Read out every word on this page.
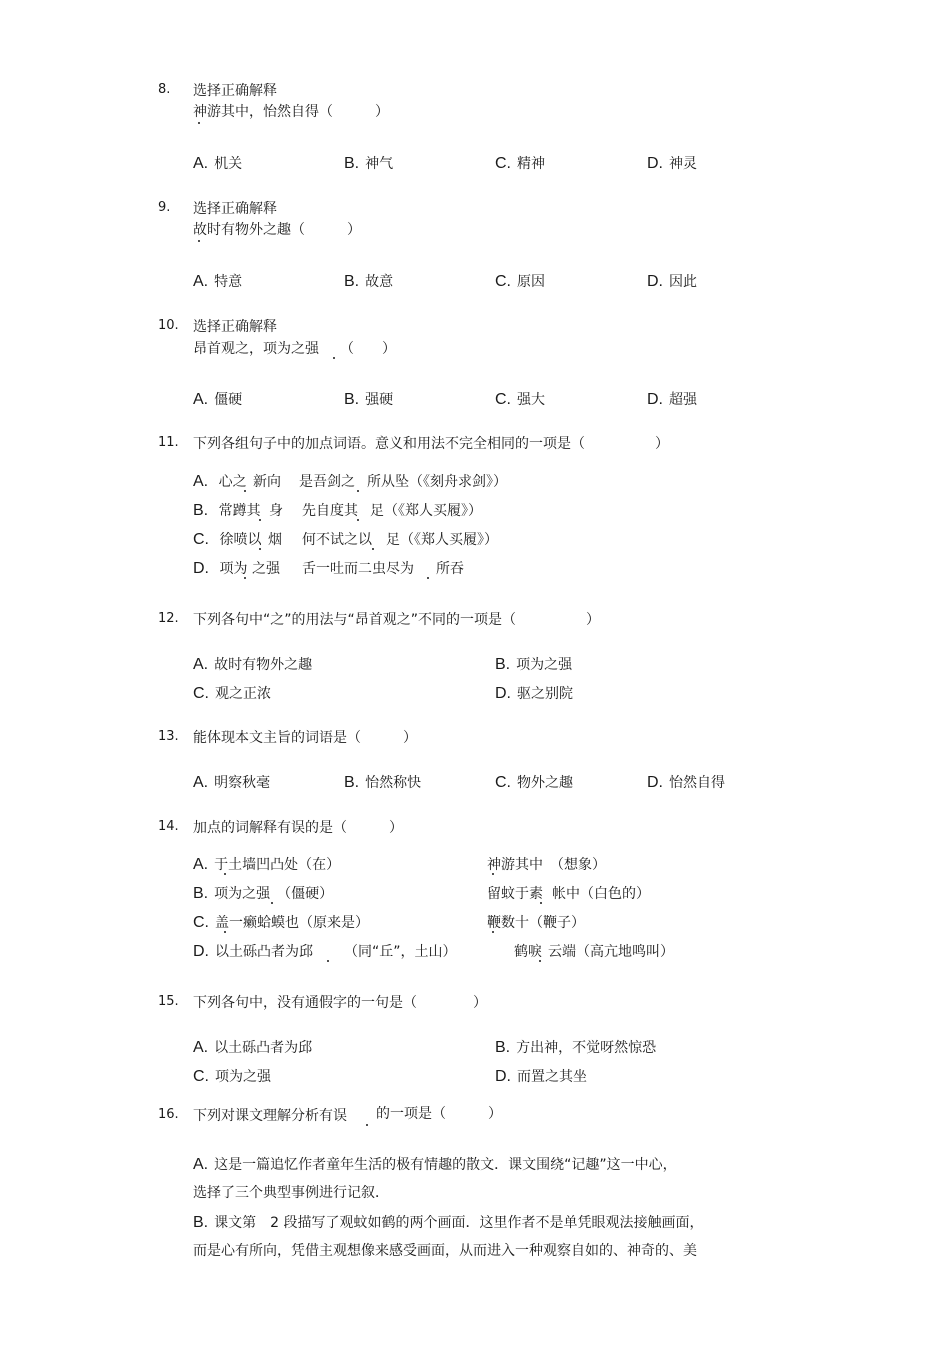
8. 选择正确解释
神游其中，怡然自得（　　　）
A. 机关	B. 神气	C. 精神	D. 神灵
9. 选择正确解释
故时有物外之趣（　　　）
A. 特意	B. 故意	C. 原因	D. 因此
10. 选择正确解释
昂首观之，项为之强 （　　）
A. 僵硬	B. 强硬	C. 强大	D. 超强
11. 下列各组句子中的加点词语。意义和用法不完全相同的一项是（　　　　　）
A. 心之 新向 是吾剑之 所从坠（《刻舟求剑》）
B. 常蹲其 身 先自度其 足（《郑人买履》）
C. 徐喷以 烟 何不试之以 足（《郑人买履》）
D. 项为 之强 舌一吐而二虫尽为 所吞
12. 下列各句中“之”的用法与“昂首观之”不同的一项是（　　　　　）
A. 故时有物外之趣	B. 项为之强
C. 观之正浓	D. 驱之别院
13. 能体现本文主旨的词语是（　　　）
A. 明察秋毫	B. 怡然称快	C. 物外之趣	D. 怡然自得
14. 加点的词解释有误的是（　　　）
A. 于土墙凹凸处（在）	神游其中　（想象）
B. 项为之强　（僵硬）	留蚊于素 帐中（白色的）
C. 盖一癞蛤蟆也（原来是）	鞭数十（鞭子）
D. 以土砾凸者为邱 （同“丘”，土山）	鹤唳 云端（高亢地鸣叫）
15. 下列各句中，没有通假字的一句是（　　　　）
A. 以土砾凸者为邱	B. 方出神，不觉呀然惊恐
C. 项为之强	D. 而置之其坐
16. 下列对课文理解分析有误 的一项是（　　　）
A. 这是一篇追忆作者童年生活的极有情趣的散文．课文围绕“记趣”这一中心，
选择了三个典型事例进行记叙．
B. 课文第　2 段描写了观蚊如鹤的两个画面．这里作者不是单凭眼观法接触画面，
而是心有所向，凭借主观想像来感受画面，从而进入一种观察自如的、神奇的、美
